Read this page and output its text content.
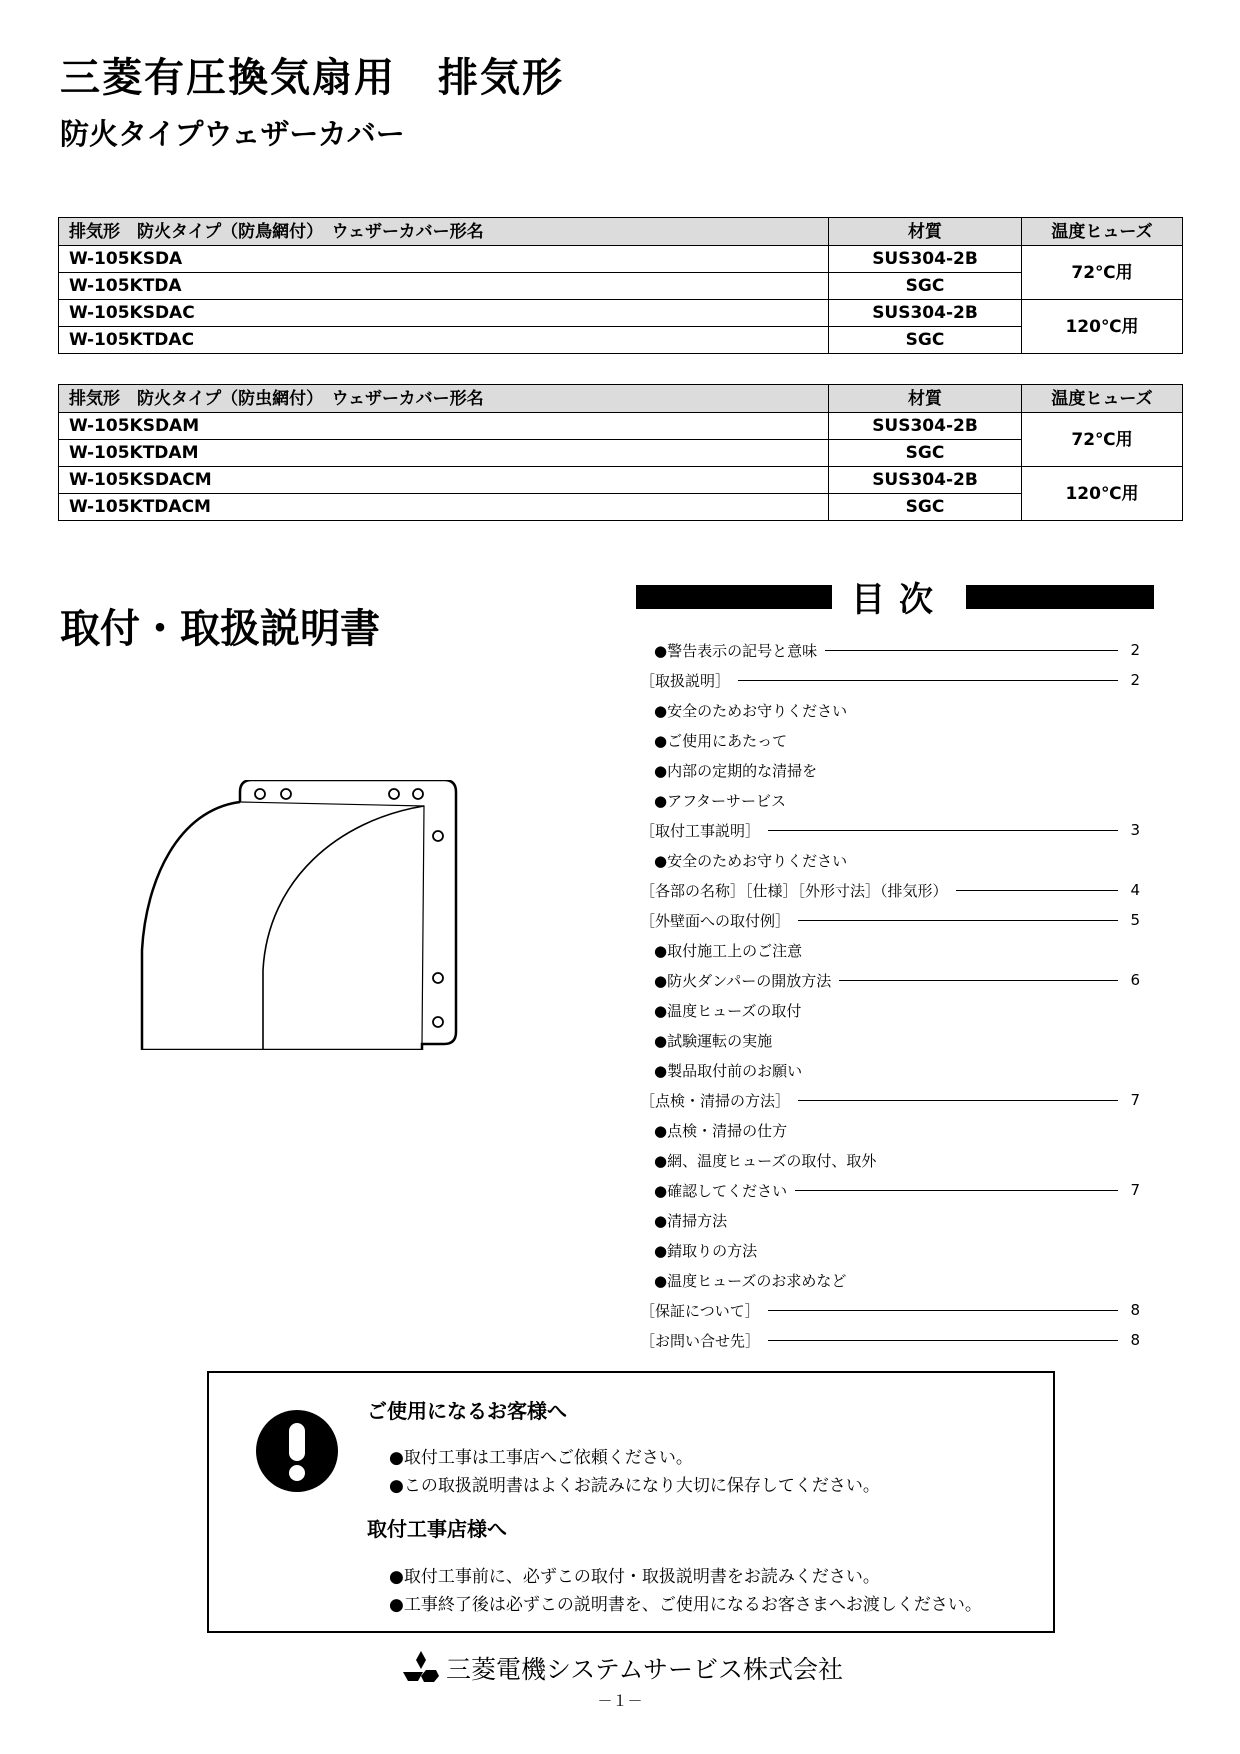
三菱有圧換気扇用　排気形
防火タイプウェザーカバー
排気形　防火タイプ（防鳥網付）　ウェザーカバー形名	材質	温度ヒューズ
W-105KSDA	SUS304-2B	72℃用
W-105KTDA	SGC	
W-105KSDAC	SUS304-2B	120℃用
W-105KTDAC	SGC	
排気形　防火タイプ（防虫網付）　ウェザーカバー形名	材質	温度ヒューズ
W-105KSDAM	SUS304-2B	72℃用
W-105KTDAM	SGC	
W-105KSDACM	SUS304-2B	120℃用
W-105KTDACM	SGC	
取付・取扱説明書
目次
●警告表示の記号と意味	2
［取扱説明］	2
●安全のためお守りください
●ご使用にあたって
●内部の定期的な清掃を
●アフターサービス
［取付工事説明］	3
●安全のためお守りください
［各部の名称］［仕様］［外形寸法］（排気形）	4
［外壁面への取付例］	5
●取付施工上のご注意
●防火ダンパーの開放方法	6
●温度ヒューズの取付
●試験運転の実施
●製品取付前のお願い
［点検・清掃の方法］	7
●点検・清掃の仕方
●網、温度ヒューズの取付、取外
●確認してください	7
●清掃方法
●錆取りの方法
●温度ヒューズのお求めなど
［保証について］	8
［お問い合せ先］	8
ご使用になるお客様へ
●取付工事は工事店へご依頼ください。
●この取扱説明書はよくお読みになり大切に保存してください。
取付工事店様へ
●取付工事前に、必ずこの取付・取扱説明書をお読みください。
●工事終了後は必ずこの説明書を、ご使用になるお客さまへお渡しください。
三菱電機システムサービス株式会社
－１－
